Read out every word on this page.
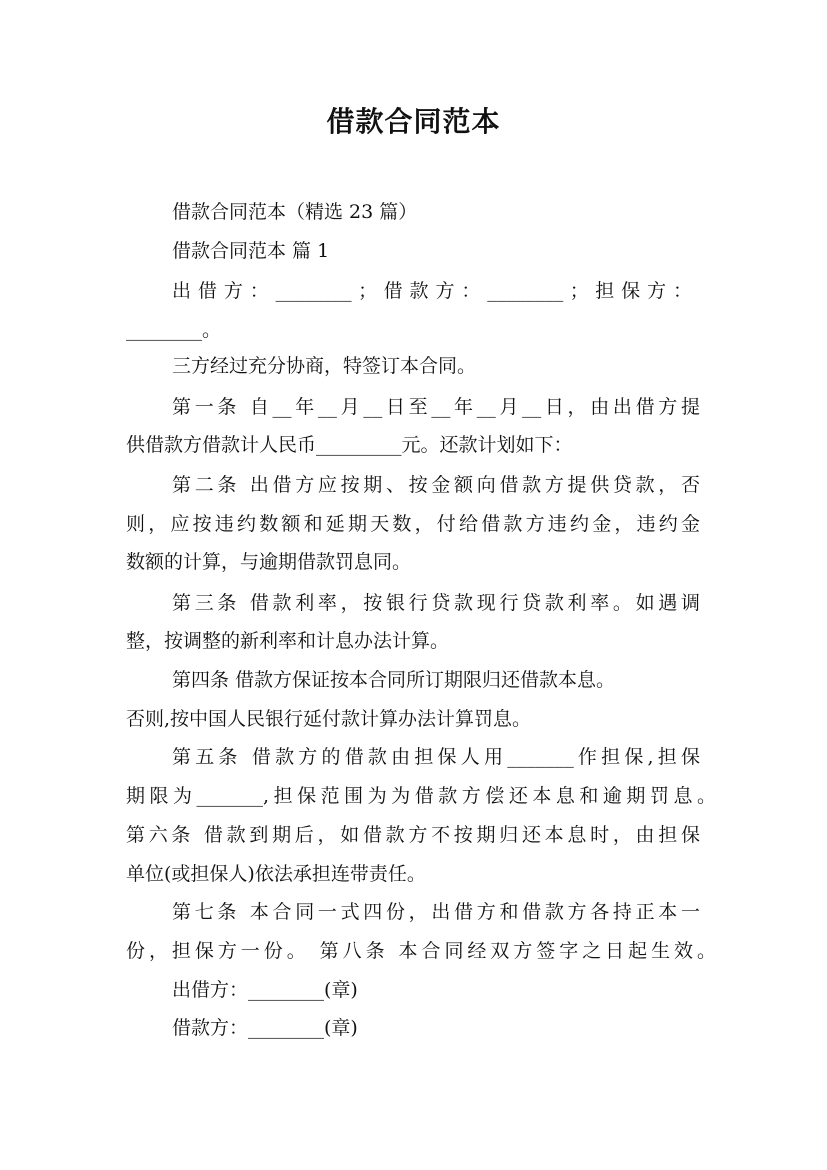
借款合同范本
借款合同范本（精选 23 篇）
借款合同范本 篇 1
出 借 方 ： ________ ； 借 款 方 ： ________ ； 担 保 方 ：
________。
三方经过充分协商，特签订本合同。
第一条 自__年__月__日至__年__月__日，由出借方提
供借款方借款计人民币_________元。还款计划如下：
第二条 出借方应按期、按金额向借款方提供贷款，否
则，应按违约数额和延期天数，付给借款方违约金，违约金
数额的计算，与逾期借款罚息同。
第三条 借款利率，按银行贷款现行贷款利率。如遇调
整，按调整的新利率和计息办法计算。
第四条 借款方保证按本合同所订期限归还借款本息。
否则,按中国人民银行延付款计算办法计算罚息。
第五条 借款方的借款由担保人用_______作担保,担保
期限为_______,担保范围为为借款方偿还本息和逾期罚息。
第六条 借款到期后，如借款方不按期归还本息时，由担保
单位(或担保人)依法承担连带责任。
第七条 本合同一式四份，出借方和借款方各持正本一
份，担保方一份。 第八条 本合同经双方签字之日起生效。
出借方：________(章)
借款方：________(章)
